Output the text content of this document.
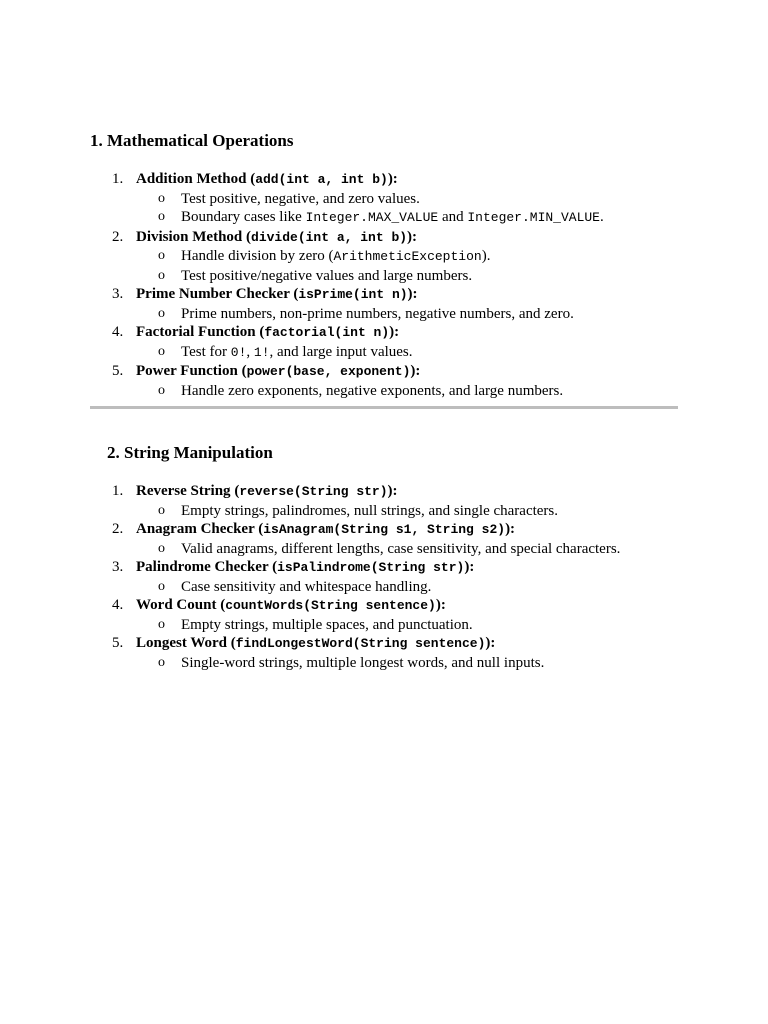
1. Mathematical Operations
1. Addition Method (add(int a, int b)):
o	Test positive, negative, and zero values.
o	Boundary cases like Integer.MAX_VALUE and Integer.MIN_VALUE.
2. Division Method (divide(int a, int b)):
o	Handle division by zero (ArithmeticException).
o	Test positive/negative values and large numbers.
3. Prime Number Checker (isPrime(int n)):
o	Prime numbers, non-prime numbers, negative numbers, and zero.
4. Factorial Function (factorial(int n)):
o	Test for 0!, 1!, and large input values.
5. Power Function (power(base, exponent)):
o	Handle zero exponents, negative exponents, and large numbers.
2. String Manipulation
1. Reverse String (reverse(String str)):
o	Empty strings, palindromes, null strings, and single characters.
2. Anagram Checker (isAnagram(String s1, String s2)):
o	Valid anagrams, different lengths, case sensitivity, and special characters.
3. Palindrome Checker (isPalindrome(String str)):
o	Case sensitivity and whitespace handling.
4. Word Count (countWords(String sentence)):
o	Empty strings, multiple spaces, and punctuation.
5. Longest Word (findLongestWord(String sentence)):
o	Single-word strings, multiple longest words, and null inputs.
